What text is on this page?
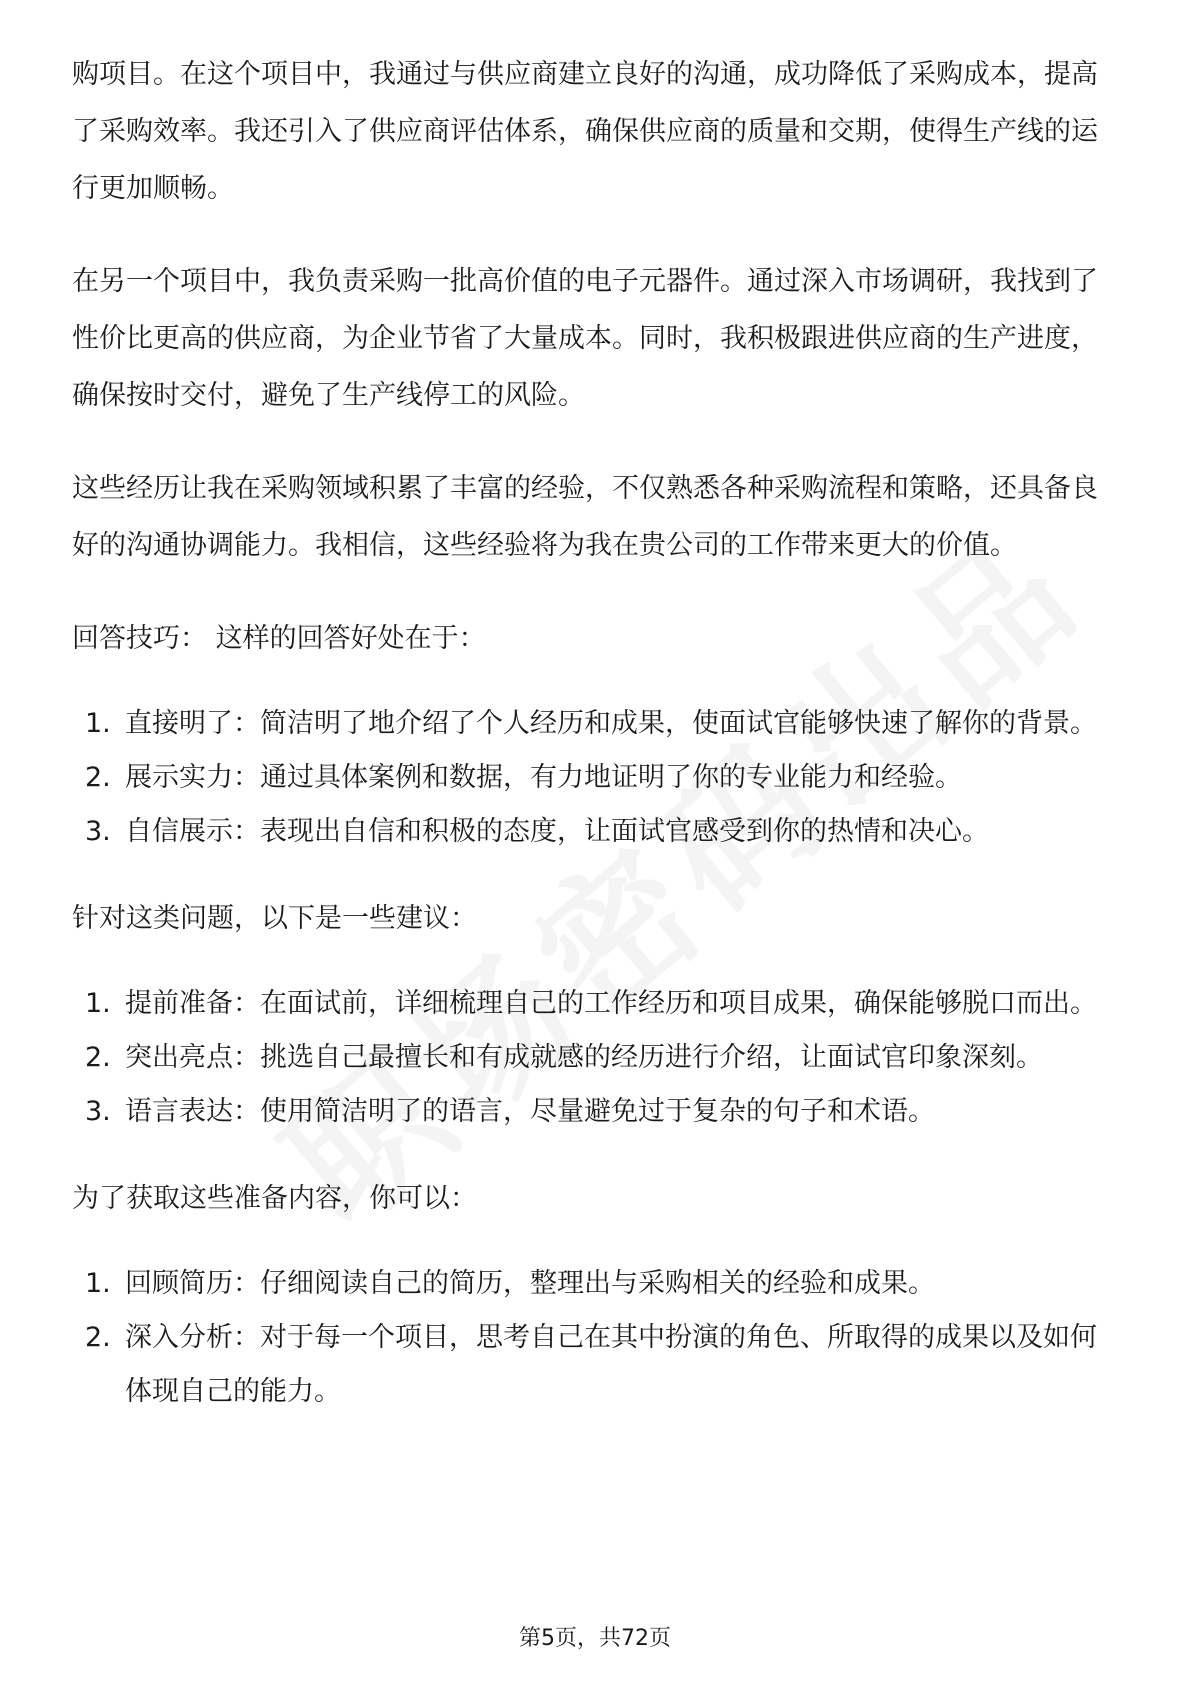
购项目。在这个项目中，我通过与供应商建立良好的沟通，成功降低了采购成本，提高了采购效率。我还引入了供应商评估体系，确保供应商的质量和交期，使得生产线的运行更加顺畅。

在另一个项目中，我负责采购一批高价值的电子元器件。通过深入市场调研，我找到了性价比更高的供应商，为企业节省了大量成本。同时，我积极跟进供应商的生产进度，确保按时交付，避免了生产线停工的风险。

这些经历让我在采购领域积累了丰富的经验，不仅熟悉各种采购流程和策略，还具备良好的沟通协调能力。我相信，这些经验将为我在贵公司的工作带来更大的价值。

回答技巧： 这样的回答好处在于：

1. 直接明了：简洁明了地介绍了个人经历和成果，使面试官能够快速了解你的背景。
2. 展示实力：通过具体案例和数据，有力地证明了你的专业能力和经验。
3. 自信展示：表现出自信和积极的态度，让面试官感受到你的热情和决心。

针对这类问题，以下是一些建议：

1. 提前准备：在面试前，详细梳理自己的工作经历和项目成果，确保能够脱口而出。
2. 突出亮点：挑选自己最擅长和有成就感的经历进行介绍，让面试官印象深刻。
3. 语言表达：使用简洁明了的语言，尽量避免过于复杂的句子和术语。

为了获取这些准备内容，你可以：

1. 回顾简历：仔细阅读自己的简历，整理出与采购相关的经验和成果。
2. 深入分析：对于每一个项目，思考自己在其中扮演的角色、所取得的成果以及如何体现自己的能力。
第5页，共72页
